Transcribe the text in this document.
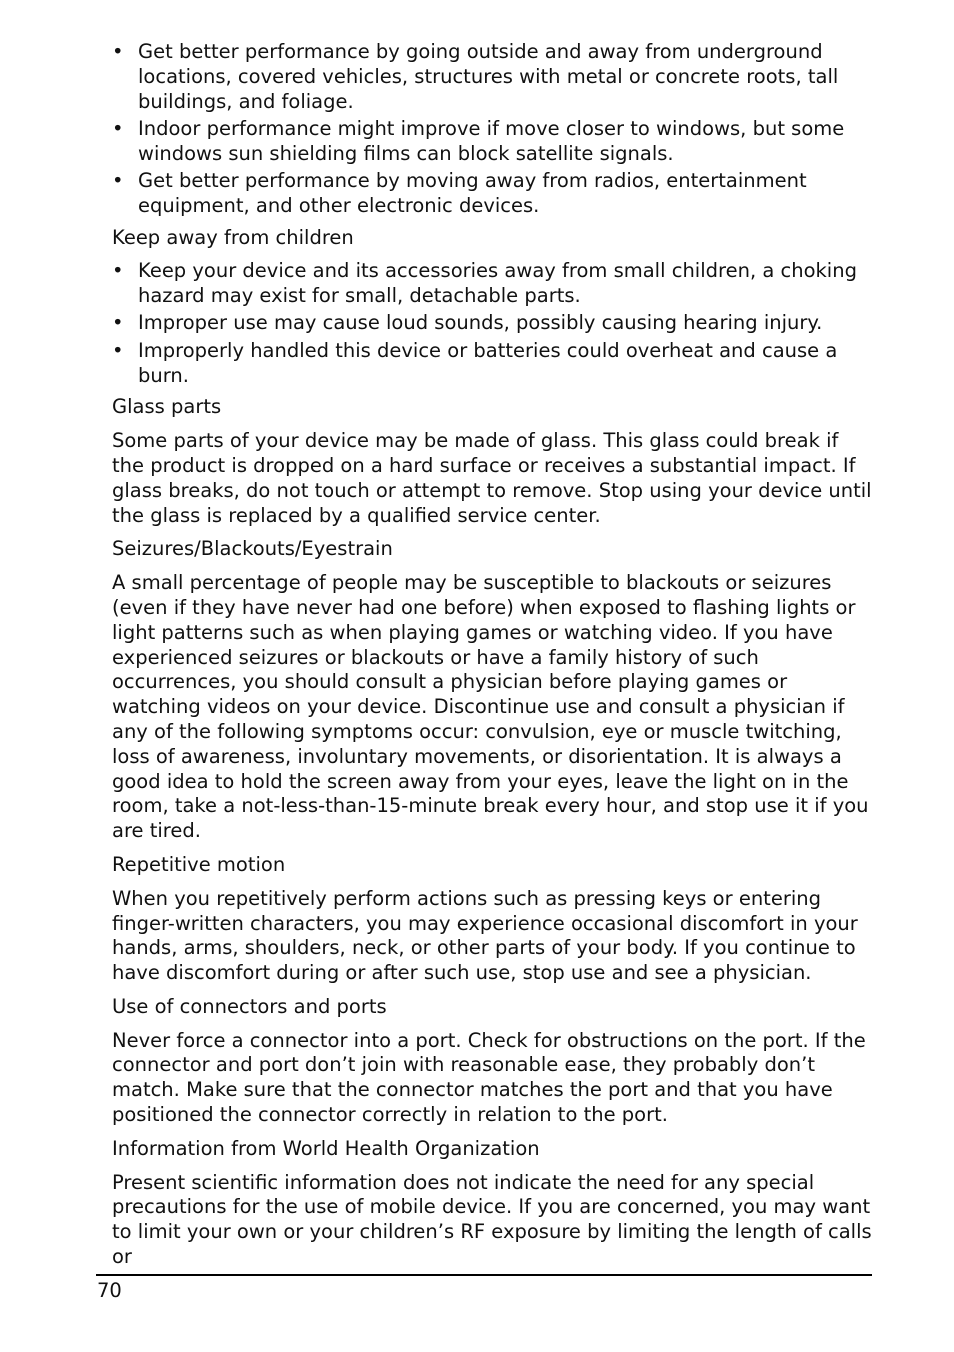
• Get better performance by going outside and away from underground locations, covered vehicles, structures with metal or concrete roots, tall buildings, and foliage.
• Indoor performance might improve if move closer to windows, but some windows sun shielding films can block satellite signals.
• Get better performance by moving away from radios, entertainment equipment, and other electronic devices.
Keep away from children
• Keep your device and its accessories away from small children, a choking hazard may exist for small, detachable parts.
• Improper use may cause loud sounds, possibly causing hearing injury.
• Improperly handled this device or batteries could overheat and cause a burn.
Glass parts

Some parts of your device may be made of glass. This glass could break if the product is dropped on a hard surface or receives a substantial impact. If glass breaks, do not touch or attempt to remove. Stop using your device until the glass is replaced by a qualified service center.

Seizures/Blackouts/Eyestrain

A small percentage of people may be susceptible to blackouts or seizures (even if they have never had one before) when exposed to flashing lights or light patterns such as when playing games or watching video. If you have experienced seizures or blackouts or have a family history of such occurrences, you should consult a physician before playing games or watching videos on your device. Discontinue use and consult a physician if any of the following symptoms occur: convulsion, eye or muscle twitching, loss of awareness, involuntary movements, or disorientation. It is always a good idea to hold the screen away from your eyes, leave the light on in the room, take a not-less-than-15-minute break every hour, and stop use it if you are tired.

Repetitive motion

When you repetitively perform actions such as pressing keys or entering finger-written characters, you may experience occasional discomfort in your hands, arms, shoulders, neck, or other parts of your body. If you continue to have discomfort during or after such use, stop use and see a physician.

Use of connectors and ports

Never force a connector into a port. Check for obstructions on the port. If the connector and port don’t join with reasonable ease, they probably don’t match. Make sure that the connector matches the port and that you have positioned the connector correctly in relation to the port.

Information from World Health Organization

Present scientific information does not indicate the need for any special precautions for the use of mobile device. If you are concerned, you may want to limit your own or your children’s RF exposure by limiting the length of calls or

70
